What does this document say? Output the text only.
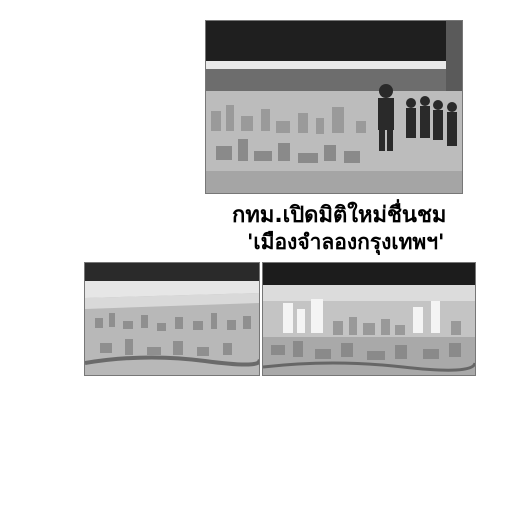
กทม.เปิดมิติใหม่ชื่นชม
'เมืองจำลองกรุงเทพฯ'
